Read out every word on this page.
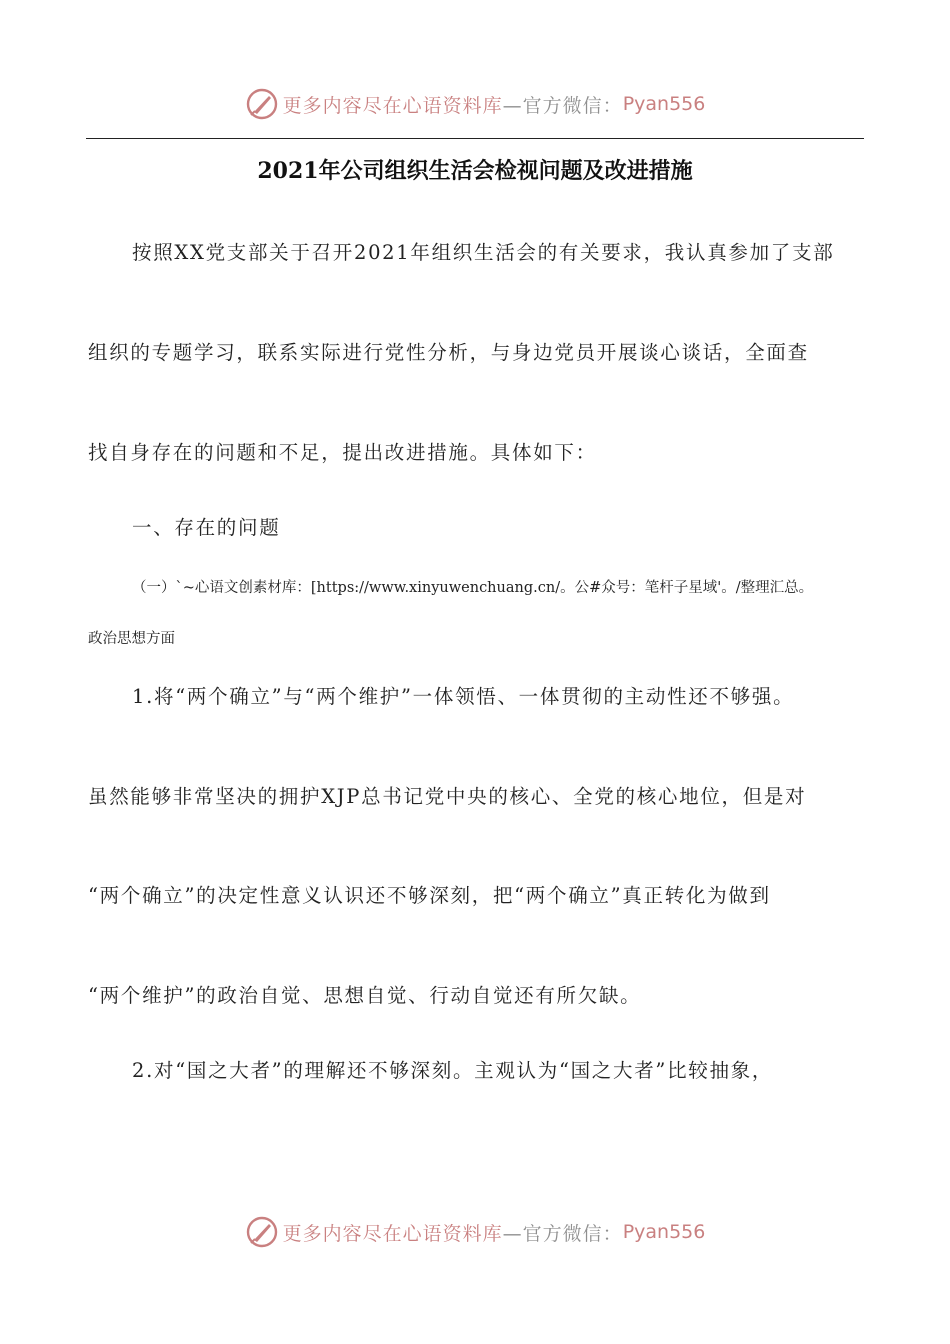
更多内容尽在心语资料库 —官方微信： Pyan556
2021年公司组织生活会检视问题及改进措施
按照XX党支部关于召开2021年组织生活会的有关要求，我认真参加了支部
组织的专题学习，联系实际进行党性分析，与身边党员开展谈心谈话，全面查
找自身存在的问题和不足，提出改进措施。具体如下：
一、存在的问题
（一）`~心语文创素材库：[https://www.xinyuwenchuang.cn/。公#众号：笔杆子星域'。/整理汇总。
政治思想方面
1.将“两个确立”与“两个维护”一体领悟、一体贯彻的主动性还不够强。
虽然能够非常坚决的拥护XJP总书记党中央的核心、全党的核心地位，但是对
“两个确立”的决定性意义认识还不够深刻，把“两个确立”真正转化为做到
“两个维护”的政治自觉、思想自觉、行动自觉还有所欠缺。
2.对“国之大者”的理解还不够深刻。主观认为“国之大者”比较抽象，
更多内容尽在心语资料库 —官方微信： Pyan556
